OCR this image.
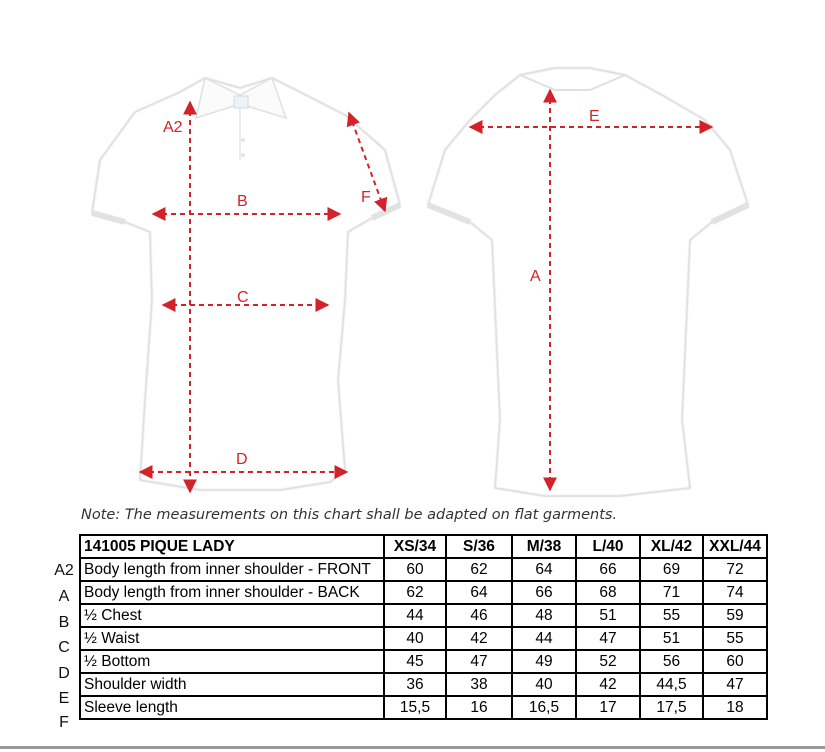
A2
B
C
D
F
E
A
Note: The measurements on this chart shall be adapted on flat garments.
A2
A
B
C
D
E
F
141005 PIQUE LADY	XS/34	S/36	M/38	L/40	XL/42	XXL/44
Body length from inner shoulder - FRONT	60	62	64	66	69	72
Body length from inner shoulder - BACK	62	64	66	68	71	74
½ Chest	44	46	48	51	55	59
½ Waist	40	42	44	47	51	55
½ Bottom	45	47	49	52	56	60
Shoulder width	36	38	40	42	44,5	47
Sleeve length	15,5	16	16,5	17	17,5	18
